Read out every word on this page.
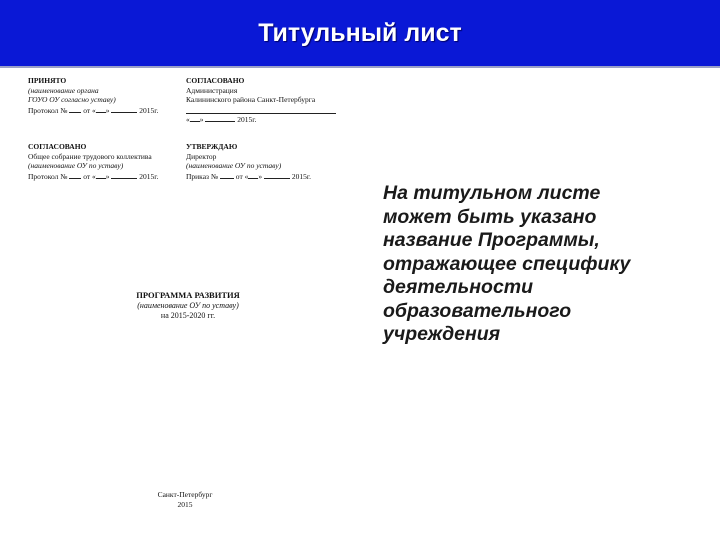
Титульный лист
ПРИНЯТО
(наименование органа
ГОУО ОУ согласно уставу)
Протокол № от « »	2015г.
СОГЛАСОВАНО
Администрация
Калининского района Санкт-Петербурга
« »	2015г.
СОГЛАСОВАНО
Общее собрание трудового коллектива
(наименование ОУ по уставу)
Протокол № от « »	2015г.
УТВЕРЖДАЮ
Директор
(наименование ОУ по уставу)
Приказ № от « »	2015г.
ПРОГРАММА РАЗВИТИЯ
(наименование ОУ по уставу)
на 2015-2020 гг.
Санкт-Петербург
2015
На титульном листе
может быть указано
название Программы,
отражающее специфику
деятельности
образовательного
учреждения
